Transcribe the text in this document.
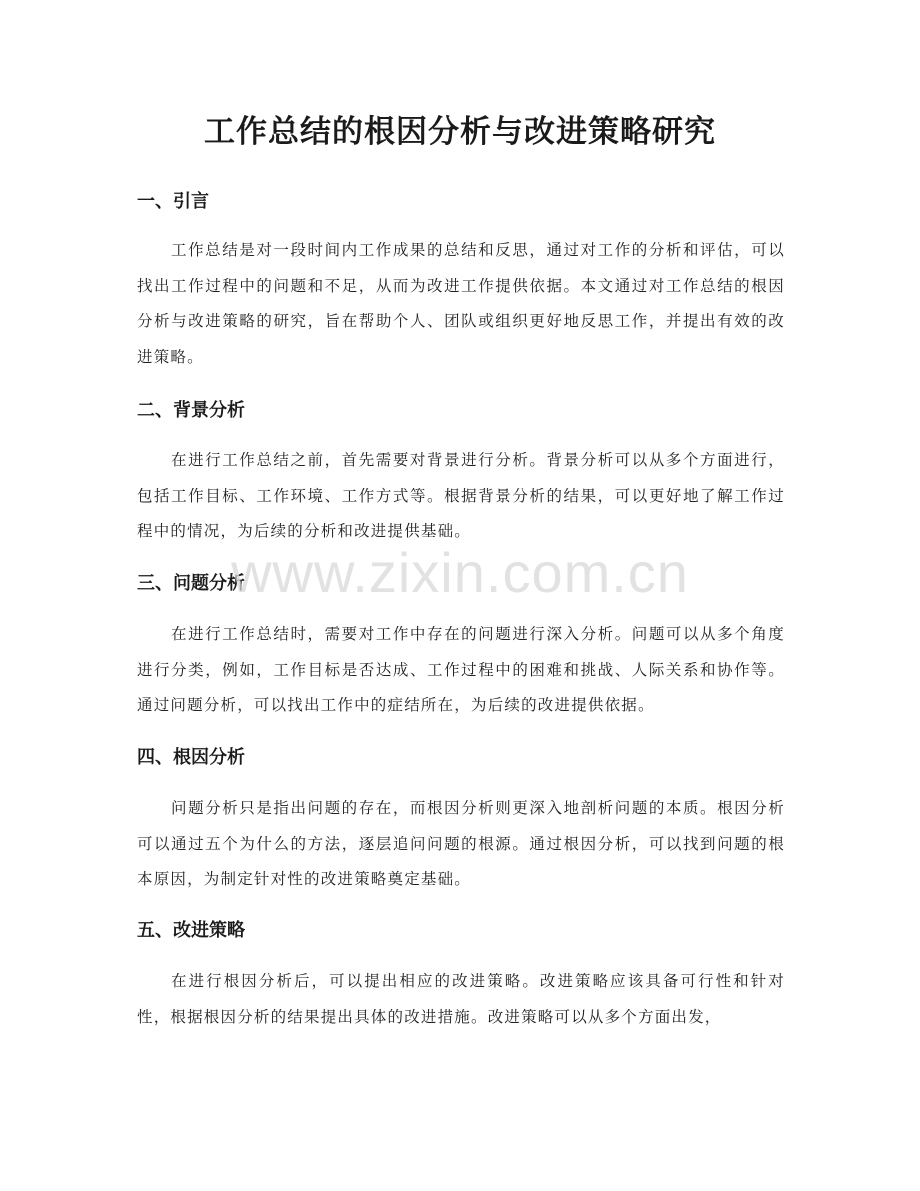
工作总结的根因分析与改进策略研究
一、引言

工作总结是对一段时间内工作成果的总结和反思，通过对工作的分析和评估，可以找出工作过程中的问题和不足，从而为改进工作提供依据。本文通过对工作总结的根因分析与改进策略的研究，旨在帮助个人、团队或组织更好地反思工作，并提出有效的改进策略。

二、背景分析

在进行工作总结之前，首先需要对背景进行分析。背景分析可以从多个方面进行，包括工作目标、工作环境、工作方式等。根据背景分析的结果，可以更好地了解工作过程中的情况，为后续的分析和改进提供基础。

三、问题分析

在进行工作总结时，需要对工作中存在的问题进行深入分析。问题可以从多个角度进行分类，例如，工作目标是否达成、工作过程中的困难和挑战、人际关系和协作等。通过问题分析，可以找出工作中的症结所在，为后续的改进提供依据。

四、根因分析

问题分析只是指出问题的存在，而根因分析则更深入地剖析问题的本质。根因分析可以通过五个为什么的方法，逐层追问问题的根源。通过根因分析，可以找到问题的根本原因，为制定针对性的改进策略奠定基础。

五、改进策略

在进行根因分析后，可以提出相应的改进策略。改进策略应该具备可行性和针对性，根据根因分析的结果提出具体的改进措施。改进策略可以从多个方面出发，

www.zixin.com.cn
